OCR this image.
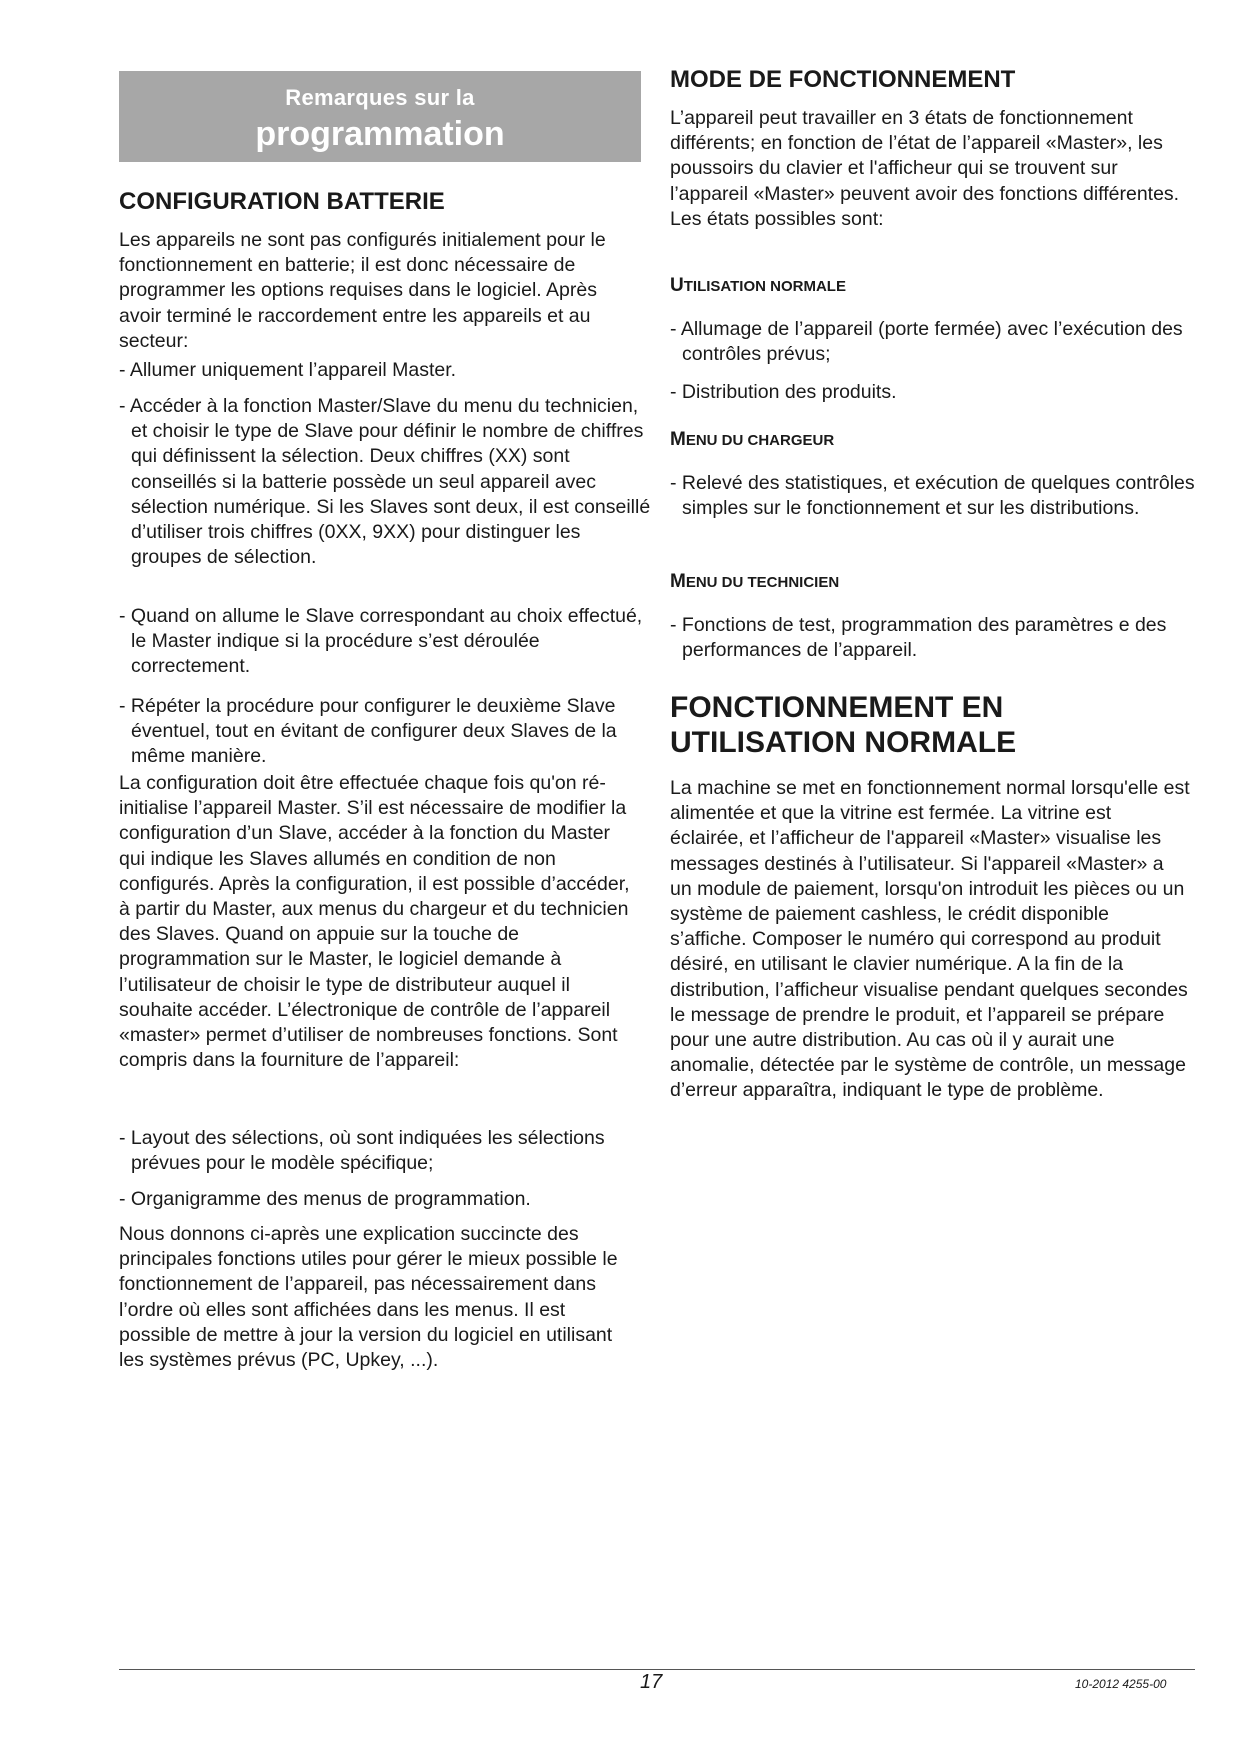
Remarques sur la
programmation
CONFIGURATION BATTERIE

Les appareils ne sont pas configurés initialement pour le fonctionnement en batterie; il est donc nécessaire de programmer les options requises dans le logiciel. Après avoir terminé le raccordement entre les appareils et au secteur:

- Allumer uniquement l’appareil Master.

- Accéder à la fonction Master/Slave du menu du technicien, et choisir le type de Slave pour définir le nombre de chiffres qui définissent la sélection. Deux chiffres (XX) sont conseillés si la batterie possède un seul appareil avec sélection numérique. Si les Slaves sont deux, il est conseillé d’utiliser trois chiffres (0XX, 9XX) pour distinguer les groupes de sélection.

- Quand on allume le Slave correspondant au choix effectué, le Master indique si la procédure s’est déroulée correctement.

- Répéter la procédure pour configurer le deuxième Slave éventuel, tout en évitant de configurer deux Slaves de la même manière.

La configuration doit être effectuée chaque fois qu'on ré-initialise l’appareil Master. S’il est nécessaire de modifier la configuration d’un Slave, accéder à la fonction du Master qui indique les Slaves allumés en condition de non configurés. Après la configuration, il est possible d’accéder, à partir du Master, aux menus du chargeur et du technicien des Slaves. Quand on appuie sur la touche de programmation sur le Master, le logiciel demande à l’utilisateur de choisir le type de distributeur auquel il souhaite accéder. L’électronique de contrôle de l’appareil «master» permet d’utiliser de nombreuses fonctions. Sont compris dans la fourniture de l’appareil:

- Layout des sélections, où sont indiquées les sélections prévues pour le modèle spécifique;

- Organigramme des menus de programmation.

Nous donnons ci-après une explication succincte des principales fonctions utiles pour gérer le mieux possible le fonctionnement de l’appareil, pas nécessairement dans l’ordre où elles sont affichées dans les menus. Il est possible de mettre à jour la version du logiciel en utilisant les systèmes prévus (PC, Upkey, ...).

MODE DE FONCTIONNEMENT

L’appareil peut travailler en 3 états de fonctionnement différents; en fonction de l’état de l’appareil «Master», les poussoirs du clavier et l'afficheur qui se trouvent sur l’appareil «Master» peuvent avoir des fonctions différentes. Les états possibles sont:

UTILISATION NORMALE

- Allumage de l’appareil (porte fermée) avec l’exécution des contrôles prévus;

- Distribution des produits.

MENU DU CHARGEUR

- Relevé des statistiques, et exécution de quelques contrôles simples sur le fonctionnement et sur les distributions.

MENU DU TECHNICIEN

- Fonctions de test, programmation des paramètres e des performances de l’appareil.

FONCTIONNEMENT EN UTILISATION NORMALE

La machine se met en fonctionnement normal lorsqu'elle est alimentée et que la vitrine est fermée. La vitrine est éclairée, et l’afficheur de l'appareil «Master» visualise les messages destinés à l’utilisateur. Si l'appareil «Master» a un module de paiement, lorsqu'on introduit les pièces ou un système de paiement cashless, le crédit disponible s’affiche. Composer le numéro qui correspond au produit désiré, en utilisant le clavier numérique. A la fin de la distribution, l’afficheur visualise pendant quelques secondes le message de prendre le produit, et l’appareil se prépare pour une autre distribution. Au cas où il y aurait une anomalie, détectée par le système de contrôle, un message d’erreur apparaîtra, indiquant le type de problème.

17	10-2012 4255-00
